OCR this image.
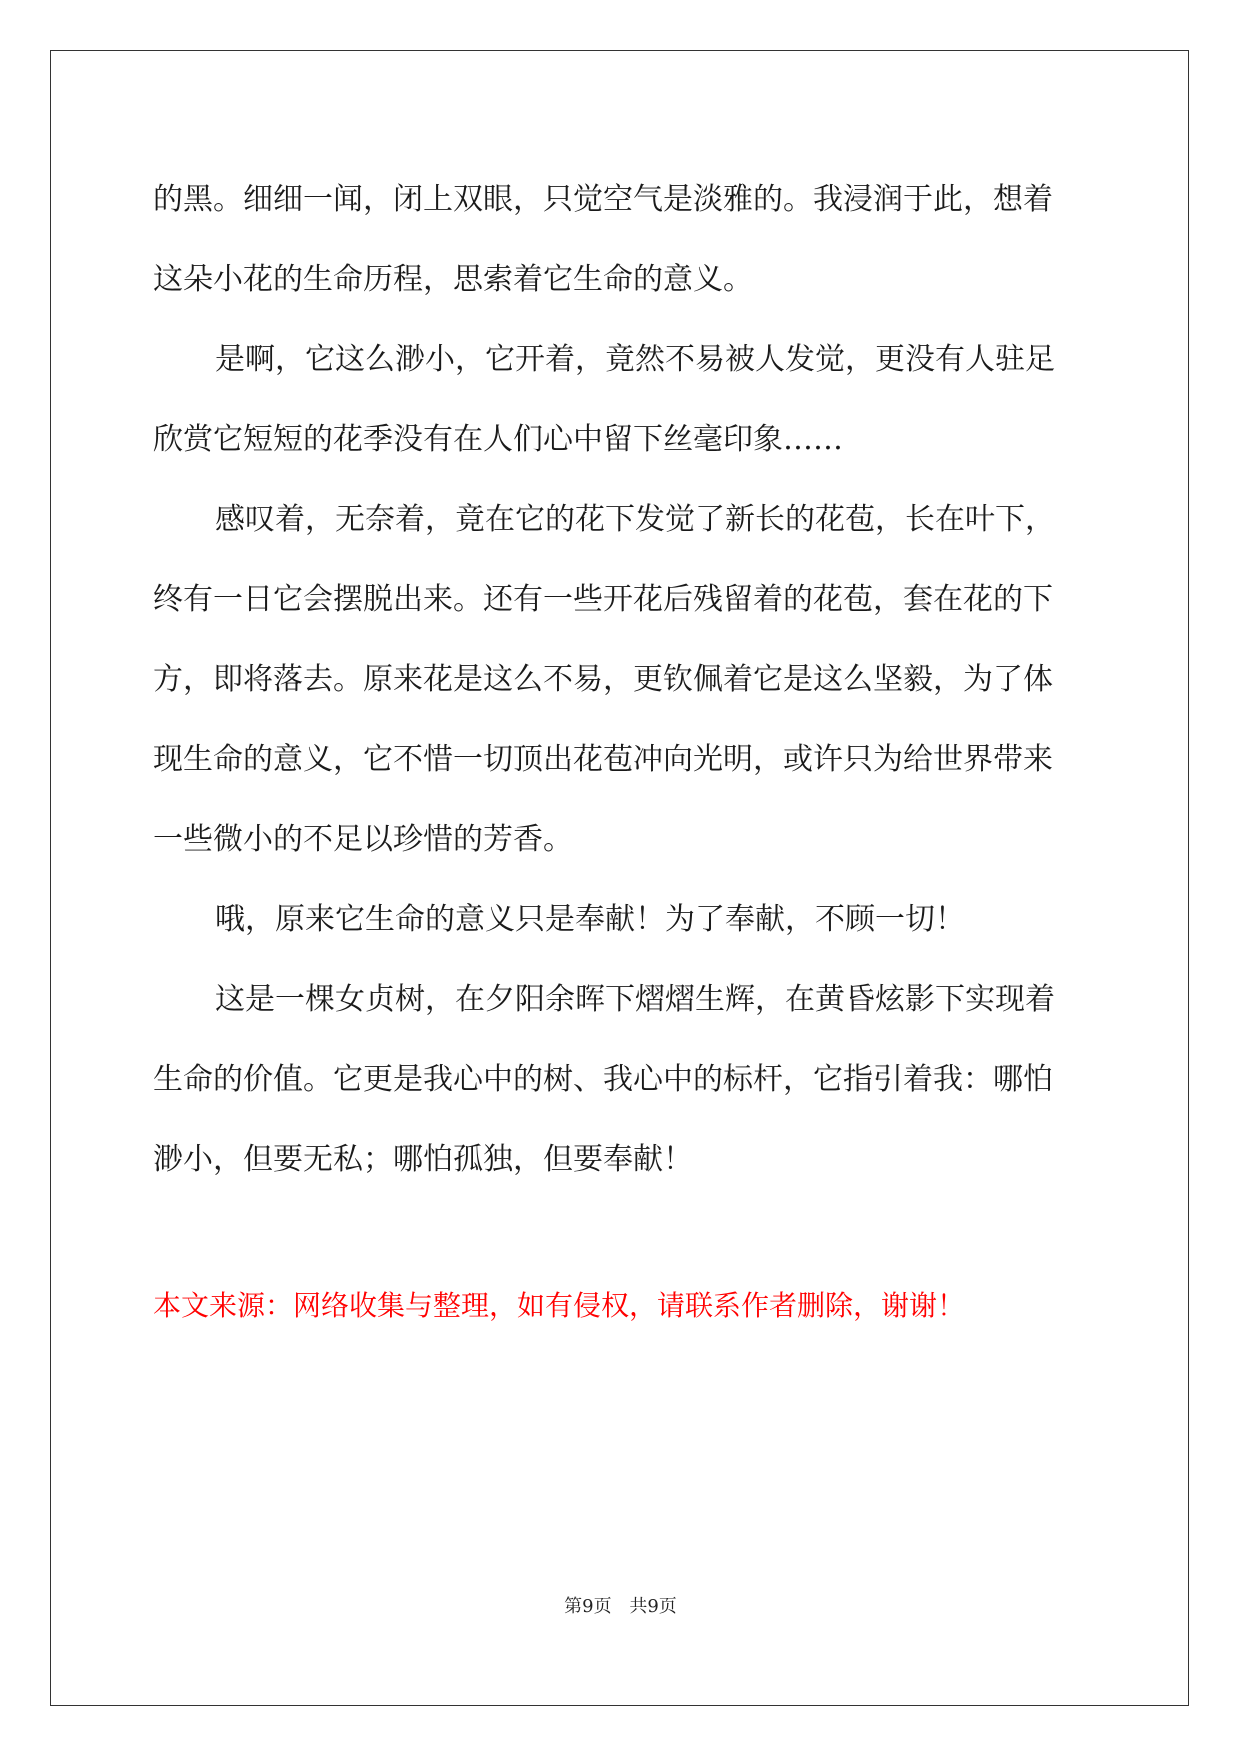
的黑。细细一闻，闭上双眼，只觉空气是淡雅的。我浸润于此，想着
这朵小花的生命历程，思索着它生命的意义。
是啊，它这么渺小，它开着，竟然不易被人发觉，更没有人驻足
欣赏它短短的花季没有在人们心中留下丝毫印象……
感叹着，无奈着，竟在它的花下发觉了新长的花苞，长在叶下，
终有一日它会摆脱出来。还有一些开花后残留着的花苞，套在花的下
方，即将落去。原来花是这么不易，更钦佩着它是这么坚毅，为了体
现生命的意义，它不惜一切顶出花苞冲向光明，或许只为给世界带来
一些微小的不足以珍惜的芳香。
哦，原来它生命的意义只是奉献！为了奉献，不顾一切！
这是一棵女贞树，在夕阳余晖下熠熠生辉，在黄昏炫影下实现着
生命的价值。它更是我心中的树、我心中的标杆，它指引着我：哪怕
渺小，但要无私；哪怕孤独，但要奉献！
本文来源：网络收集与整理，如有侵权，请联系作者删除，谢谢！
第9页 共9页
